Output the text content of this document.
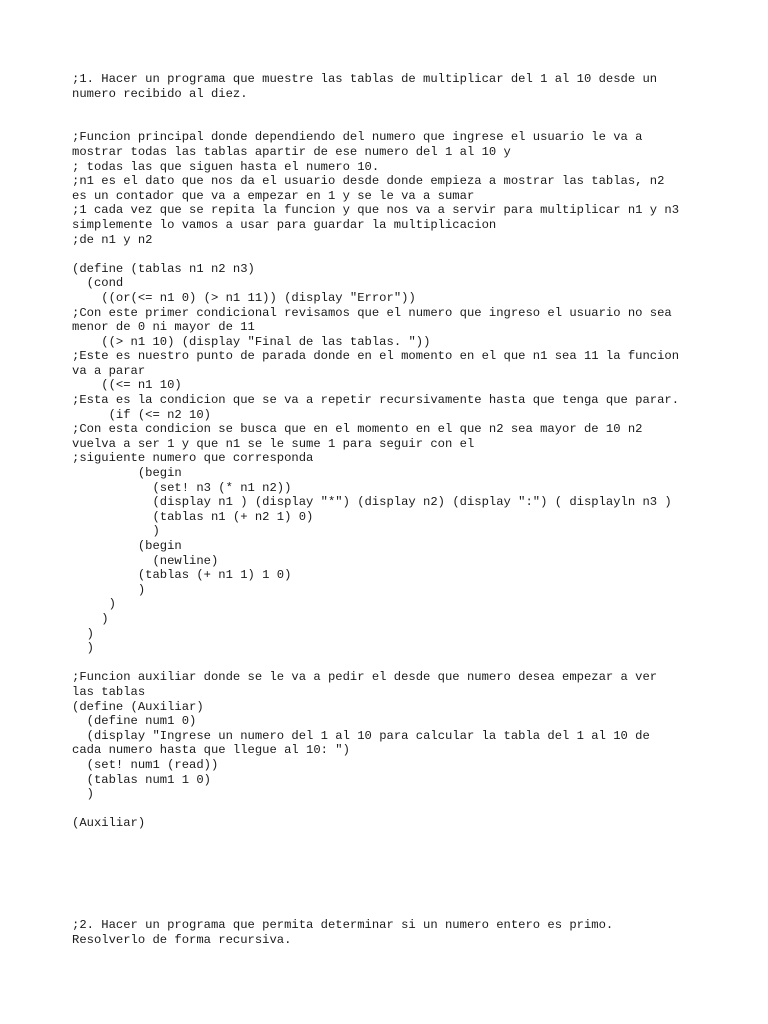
;1. Hacer un programa que muestre las tablas de multiplicar del 1 al 10 desde un
numero recibido al diez.
;Funcion principal donde dependiendo del numero que ingrese el usuario le va a
mostrar todas las tablas apartir de ese numero del 1 al 10 y
; todas las que siguen hasta el numero 10.
;n1 es el dato que nos da el usuario desde donde empieza a mostrar las tablas, n2
es un contador que va a empezar en 1 y se le va a sumar
;1 cada vez que se repita la funcion y que nos va a servir para multiplicar n1 y n3
simplemente lo vamos a usar para guardar la multiplicacion
;de n1 y n2
(define (tablas n1 n2 n3)
(cond
((or(<= n1 0) (> n1 11)) (display "Error"))
;Con este primer condicional revisamos que el numero que ingreso el usuario no sea
menor de 0 ni mayor de 11
((> n1 10) (display "Final de las tablas. "))
;Este es nuestro punto de parada donde en el momento en el que n1 sea 11 la funcion
va a parar
((<= n1 10)
;Esta es la condicion que se va a repetir recursivamente hasta que tenga que parar.
(if (<= n2 10)
;Con esta condicion se busca que en el momento en el que n2 sea mayor de 10 n2
vuelva a ser 1 y que n1 se le sume 1 para seguir con el
;siguiente numero que corresponda
(begin
(set! n3 (* n1 n2))
(display n1 ) (display "*") (display n2) (display ":") ( displayln n3 )
(tablas n1 (+ n2 1) 0)
)
(begin
(newline)
(tablas (+ n1 1) 1 0)
)
)
)
)
)
;Funcion auxiliar donde se le va a pedir el desde que numero desea empezar a ver
las tablas
(define (Auxiliar)
(define num1 0)
(display "Ingrese un numero del 1 al 10 para calcular la tabla del 1 al 10 de
cada numero hasta que llegue al 10: ")
(set! num1 (read))
(tablas num1 1 0)
)
(Auxiliar)
;2. Hacer un programa que permita determinar si un numero entero es primo.
Resolverlo de forma recursiva.
